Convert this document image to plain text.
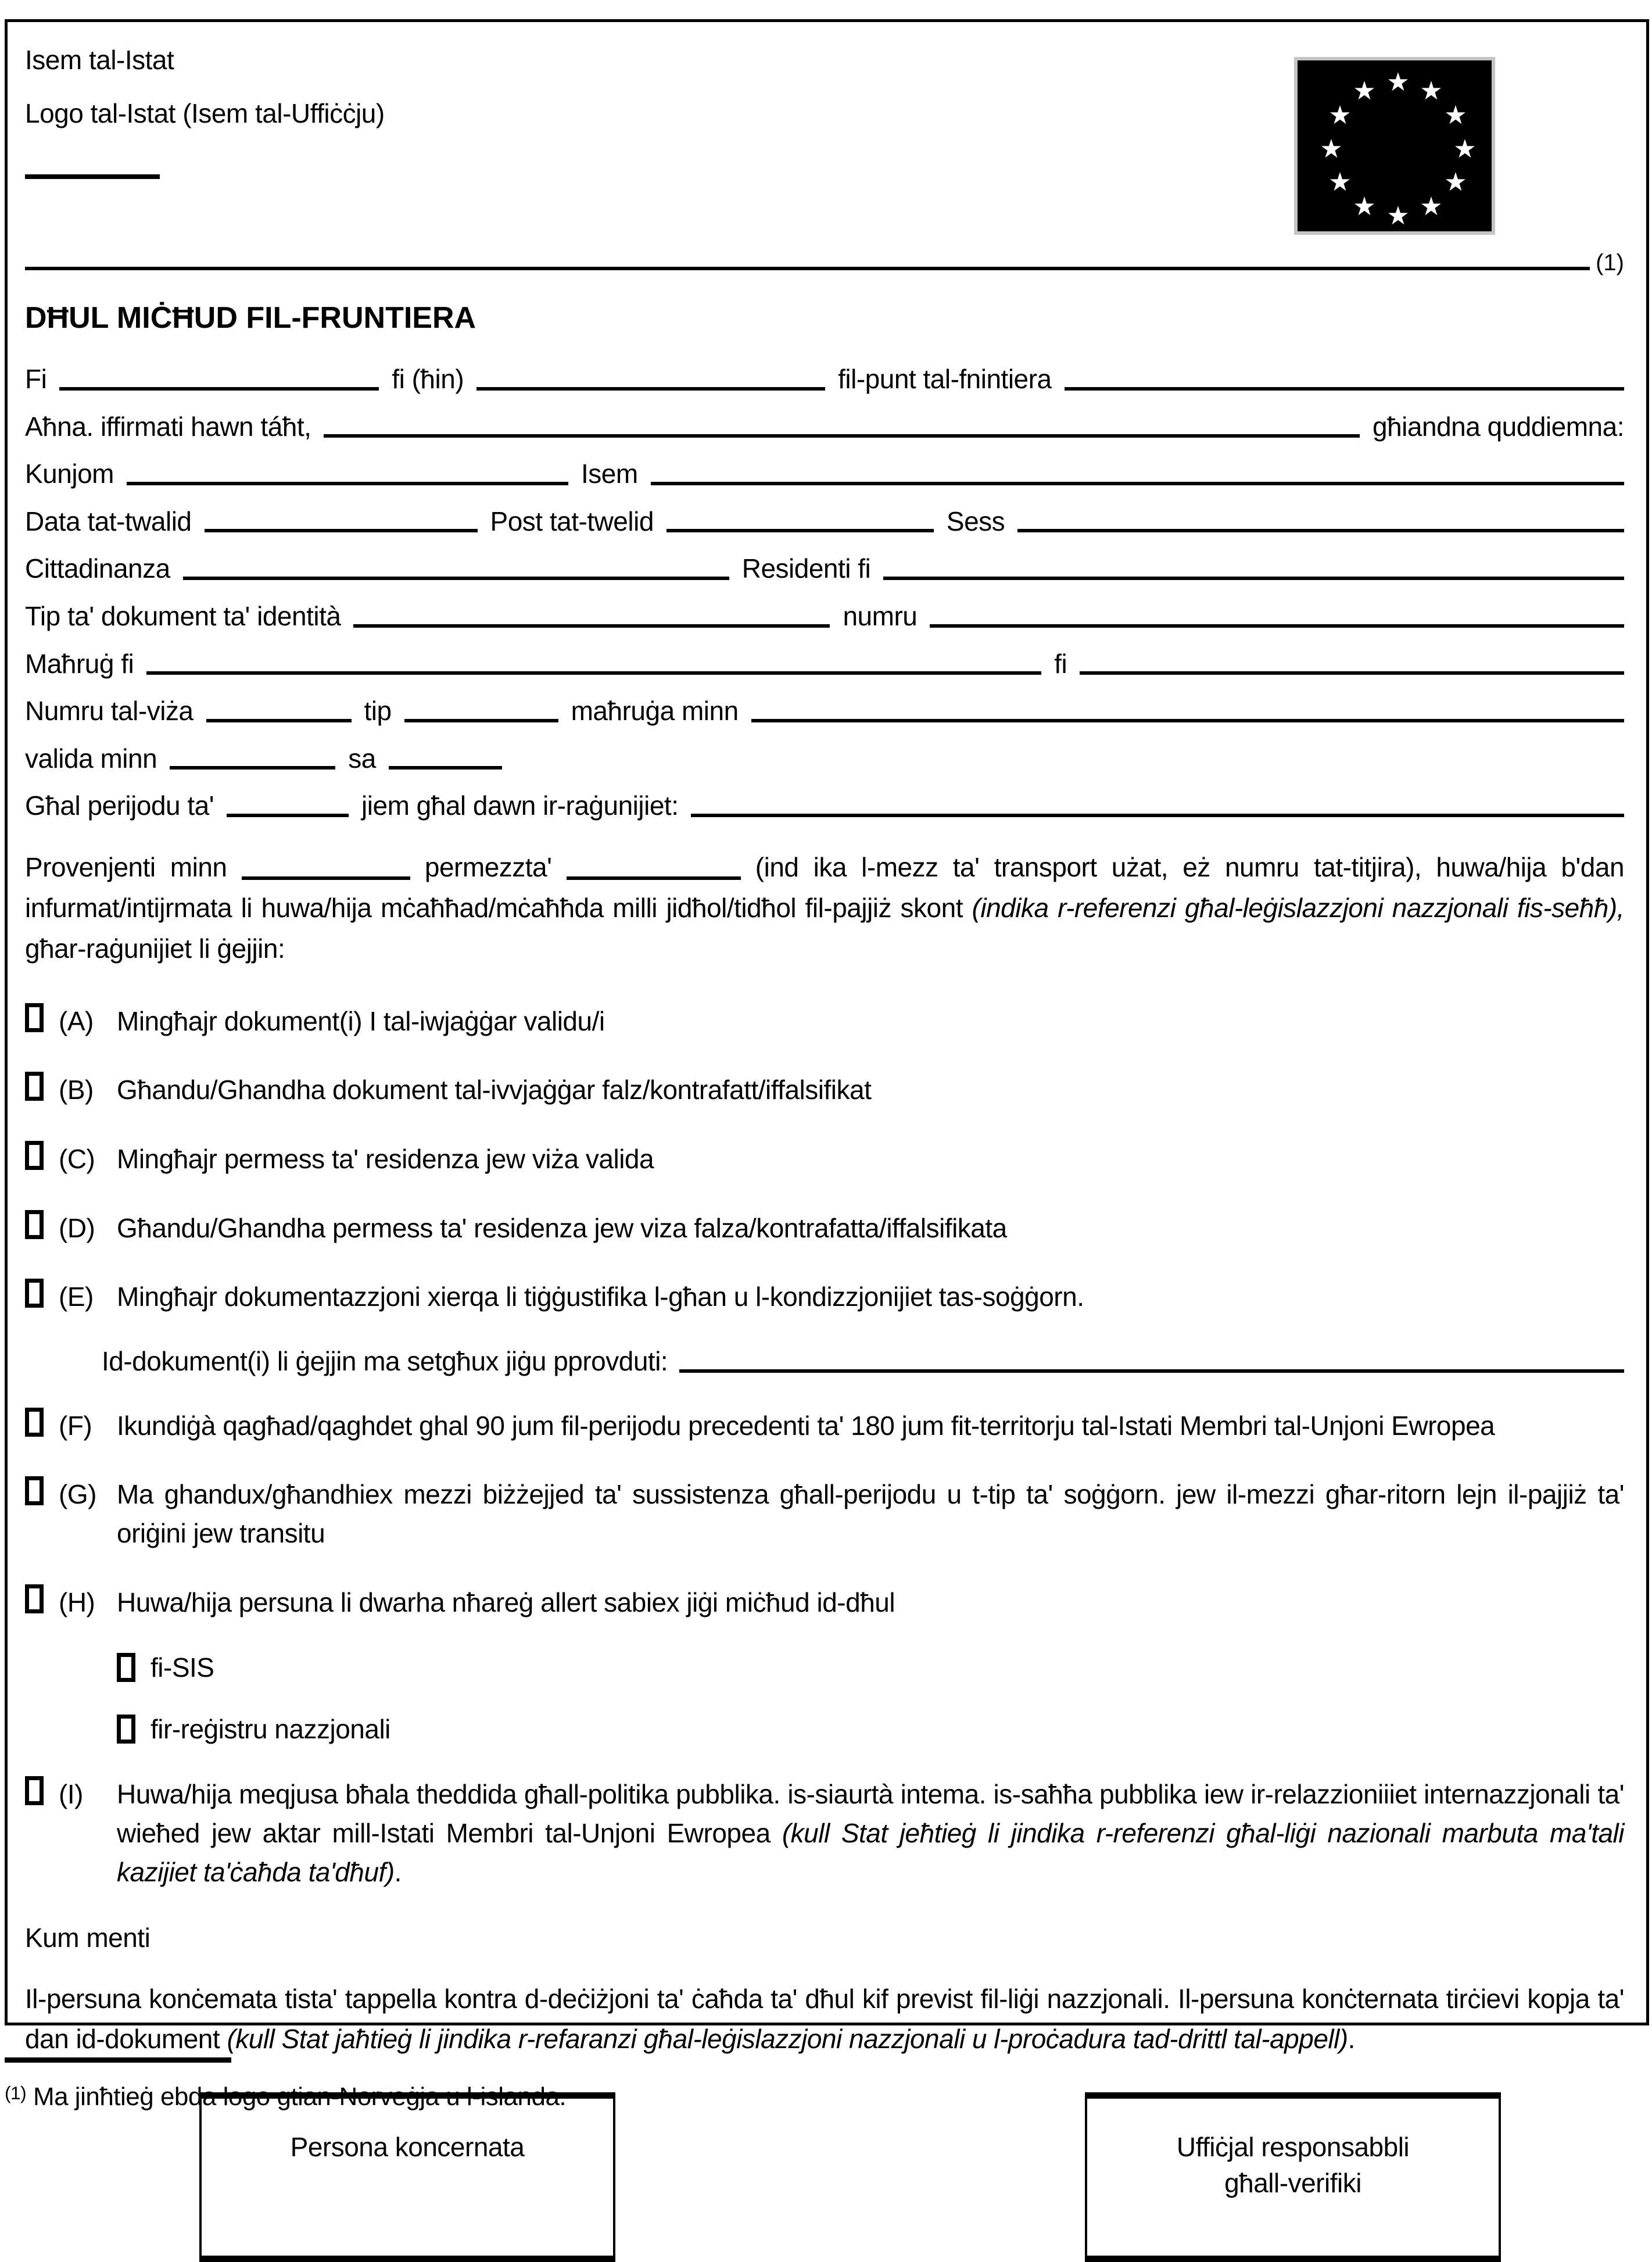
Isem tal-Istat
Logo tal-Istat (Isem tal-Uffiċċju)
★ ★
★
★
★
★
★
★
★
★
★
★
(1)
DĦUL MIĊĦUD FIL-FRUNTIERA
Fi	fi (ħin)	fil-punt tal-fnintiera
Aħna. iffirmati hawn táħt,	għiandna quddiemna:
Kunjom	Isem
Data tat-twalid	Post tat-twelid	Sess
Cittadinanza	Residenti fi
Tip ta' dokument ta' identità	numru
Maħruġ fi	fi
Numru tal-viża	tip	maħruġa minn
valida minn	sa
Għal perijodu ta'	jiem għal dawn ir-raġunijiet:

Provenjenti minn	permezzta'	(ind ika l-mezz ta' transport użat, eż numru tat-titjira), huwa/hija b'dan infurmat/intijrmata li huwa/hija mċaħħad/mċaħħda milli jidħol/tidħol fil-pajjiż skont (indika r-referenzi għal-leġislazzjoni nazzjonali fis-seħħ), għar-raġunijiet li ġejjin:

(A) Mingħajr dokument(i) I tal-iwjaġġar validu/i
(B) Għandu/Ghandha dokument tal-ivvjaġġar falz/kontrafatt/iffalsifikat
(C) Mingħajr permess ta' residenza jew viża valida
(D) Għandu/Ghandha permess ta' residenza jew viza falza/kontrafatta/iffalsifikata
(E) Mingħajr dokumentazzjoni xierqa li tiġġustifika l-għan u l-kondizzjonijiet tas-soġġorn.
Id-dokument(i) li ġejjin ma setgħux jiġu pprovduti:
(F) Ikundiġà qagħad/qaghdet ghal 90 jum fil-perijodu precedenti ta' 180 jum fit-territorju tal-Istati Membri tal-Unjoni Ewropea
(G) Ma ghandux/għandhiex mezzi biżżejjed ta' sussistenza għall-perijodu u t-tip ta' soġġorn. jew il-mezzi għar-ritorn lejn il-pajjiż ta' oriġini jew transitu
(H) Huwa/hija persuna li dwarha nħareġ allert sabiex jiġi miċħud id-dħul
fi-SIS
fir-reġistru nazzjonali
(I)	Huwa/hija meqjusa bħala theddida għall-politika pubblika. is-siaurtà intema. is-saħħa pubblika iew ir-relazzioniiiet internazzjonali ta' wieħed jew aktar mill-Istati Membri tal-Unjoni Ewropea (kull Stat jeħtieġ li jindika r-referenzi għal-liġi nazionali marbuta ma'tali kazijiet ta'ċaħda ta'dħuf).
Kum menti

Il-persuna konċemata tista' tappella kontra d-deċiżjoni ta' ċaħda ta' dħul kif previst fil-liġi nazzjonali. Il-persuna konċternata tirċievi kopja ta' dan id-dokument (kull Stat jaħtieġ li jindika r-refaranzi għal-leġislazzjoni nazzjonali и l-proċadura tad-drittl tal-appell).

Persona koncernata	Uffiċjal responsabbli
għall-verifiki

$^{(1)}$ Ma jinħtieġ ebda logo gtian-Norveġja u l-islanda.
